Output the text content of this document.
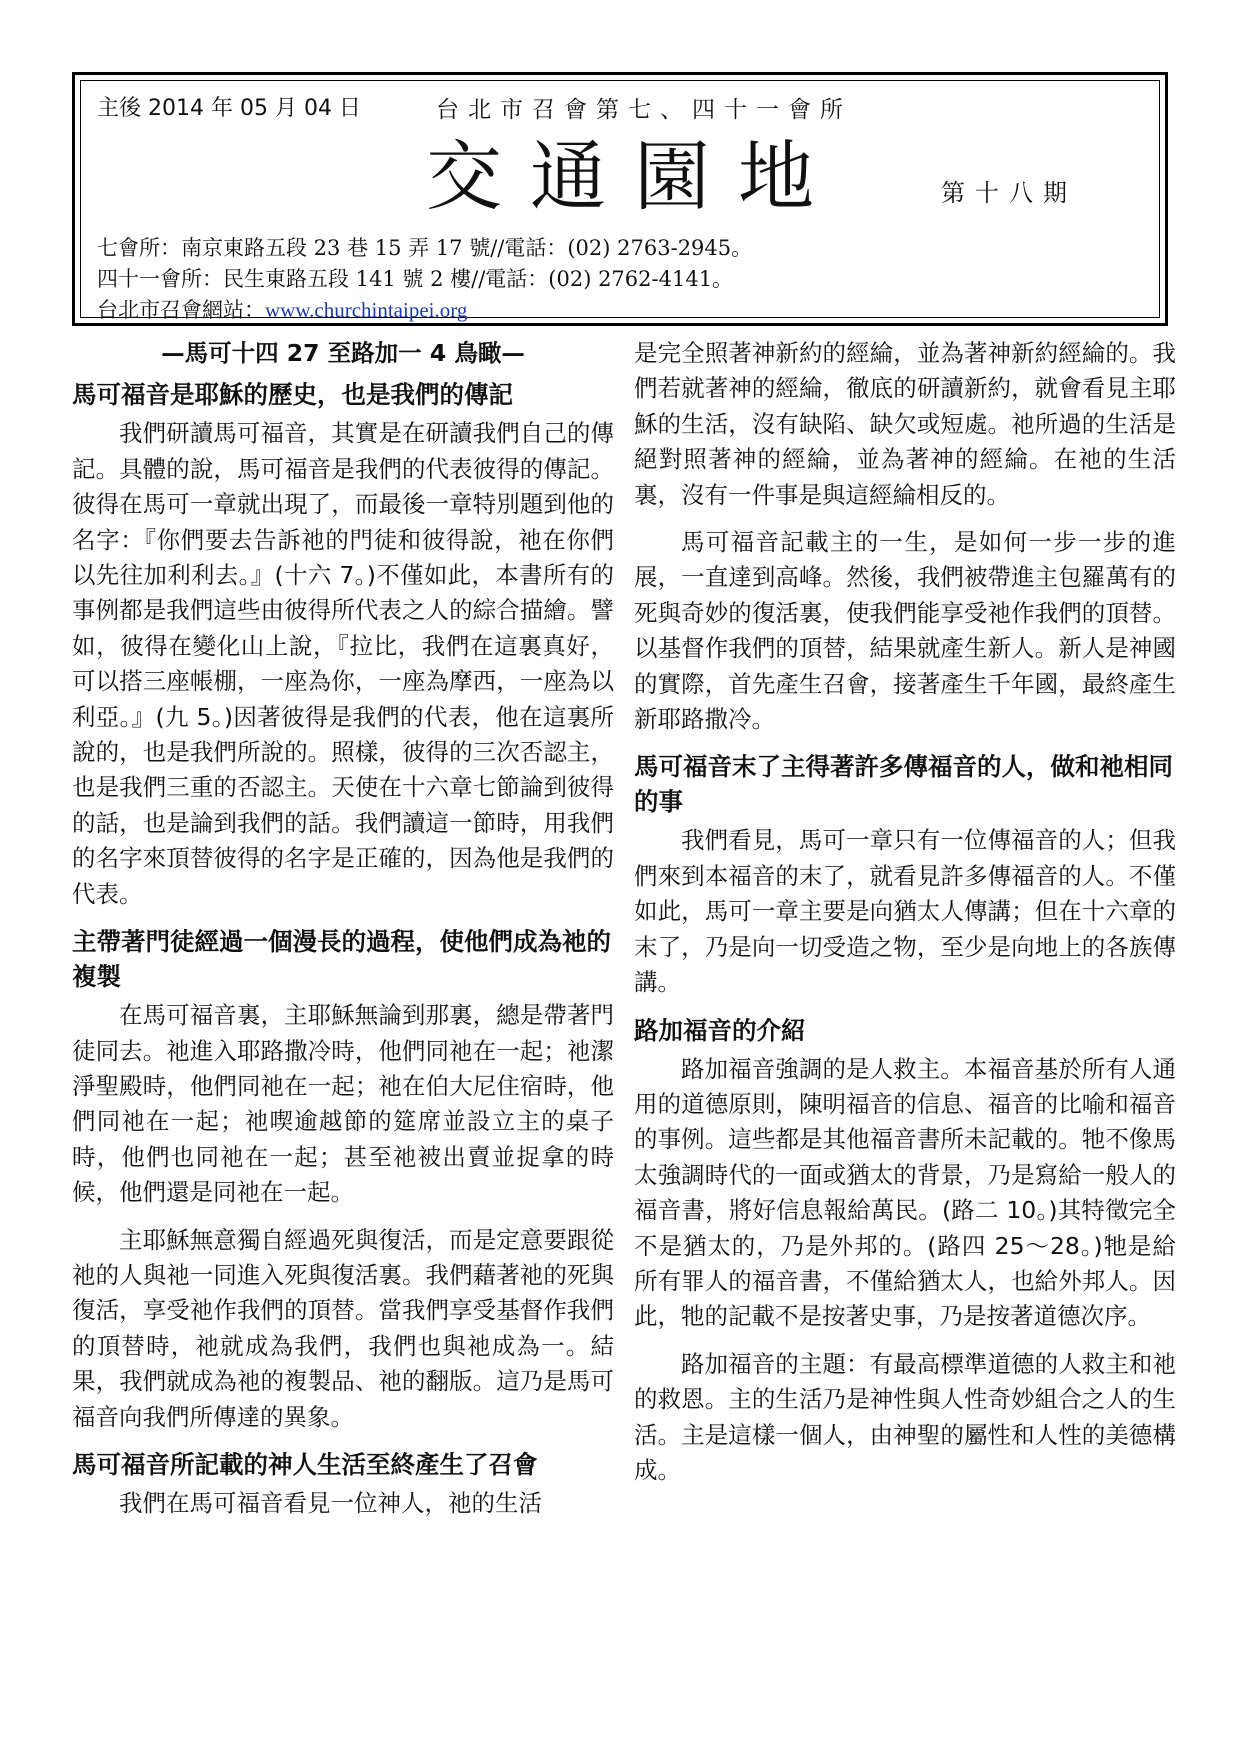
主後 2014 年 05 月 04 日	台北市召會第七、四十一會所
交通園地	第十八期
七會所：南京東路五段 23 巷 15 弄 17 號//電話：(02) 2763-2945。
四十一會所：民生東路五段 141 號 2 樓//電話：(02) 2762-4141。
台北市召會網站：www.churchintaipei.org
—馬可十四 27 至路加一 4 鳥瞰—
馬可福音是耶穌的歷史，也是我們的傳記

我們研讀馬可福音，其實是在研讀我們自己的傳記。具體的說，馬可福音是我們的代表彼得的傳記。彼得在馬可一章就出現了，而最後一章特別題到他的名字：『你們要去告訴祂的門徒和彼得說，祂在你們以先往加利利去。』(十六 7。)不僅如此，本書所有的事例都是我們這些由彼得所代表之人的綜合描繪。譬如，彼得在變化山上說，『拉比，我們在這裏真好，可以搭三座帳棚，一座為你，一座為摩西，一座為以利亞。』(九 5。)因著彼得是我們的代表，他在這裏所說的，也是我們所說的。照樣，彼得的三次否認主，也是我們三重的否認主。天使在十六章七節論到彼得的話，也是論到我們的話。我們讀這一節時，用我們的名字來頂替彼得的名字是正確的，因為他是我們的代表。

主帶著門徒經過一個漫長的過程，使他們成為祂的複製

在馬可福音裏，主耶穌無論到那裏，總是帶著門徒同去。祂進入耶路撒冷時，他們同祂在一起；祂潔淨聖殿時，他們同祂在一起；祂在伯大尼住宿時，他們同祂在一起；祂喫逾越節的筵席並設立主的桌子時，他們也同祂在一起；甚至祂被出賣並捉拿的時候，他們還是同祂在一起。

主耶穌無意獨自經過死與復活，而是定意要跟從祂的人與祂一同進入死與復活裏。我們藉著祂的死與復活，享受祂作我們的頂替。當我們享受基督作我們的頂替時，祂就成為我們，我們也與祂成為一。結果，我們就成為祂的複製品、祂的翻版。這乃是馬可福音向我們所傳達的異象。

馬可福音所記載的神人生活至終產生了召會

我們在馬可福音看見一位神人，祂的生活

是完全照著神新約的經綸，並為著神新約經綸的。我們若就著神的經綸，徹底的研讀新約，就會看見主耶穌的生活，沒有缺陷、缺欠或短處。祂所過的生活是絕對照著神的經綸，並為著神的經綸。在祂的生活裏，沒有一件事是與這經綸相反的。

馬可福音記載主的一生，是如何一步一步的進展，一直達到高峰。然後，我們被帶進主包羅萬有的死與奇妙的復活裏，使我們能享受祂作我們的頂替。以基督作我們的頂替，結果就產生新人。新人是神國的實際，首先產生召會，接著產生千年國，最終產生新耶路撒冷。

馬可福音末了主得著許多傳福音的人，做和祂相同的事

我們看見，馬可一章只有一位傳福音的人；但我們來到本福音的末了，就看見許多傳福音的人。不僅如此，馬可一章主要是向猶太人傳講；但在十六章的末了，乃是向一切受造之物，至少是向地上的各族傳講。

路加福音的介紹

路加福音強調的是人救主。本福音基於所有人通用的道德原則，陳明福音的信息、福音的比喻和福音的事例。這些都是其他福音書所未記載的。牠不像馬太強調時代的一面或猶太的背景，乃是寫給一般人的福音書，將好信息報給萬民。(路二 10。)其特徵完全不是猶太的，乃是外邦的。(路四 25～28。)牠是給所有罪人的福音書，不僅給猶太人，也給外邦人。因此，牠的記載不是按著史事，乃是按著道德次序。

路加福音的主題：有最高標準道德的人救主和祂的救恩。主的生活乃是神性與人性奇妙組合之人的生活。主是這樣一個人，由神聖的屬性和人性的美德構成。
